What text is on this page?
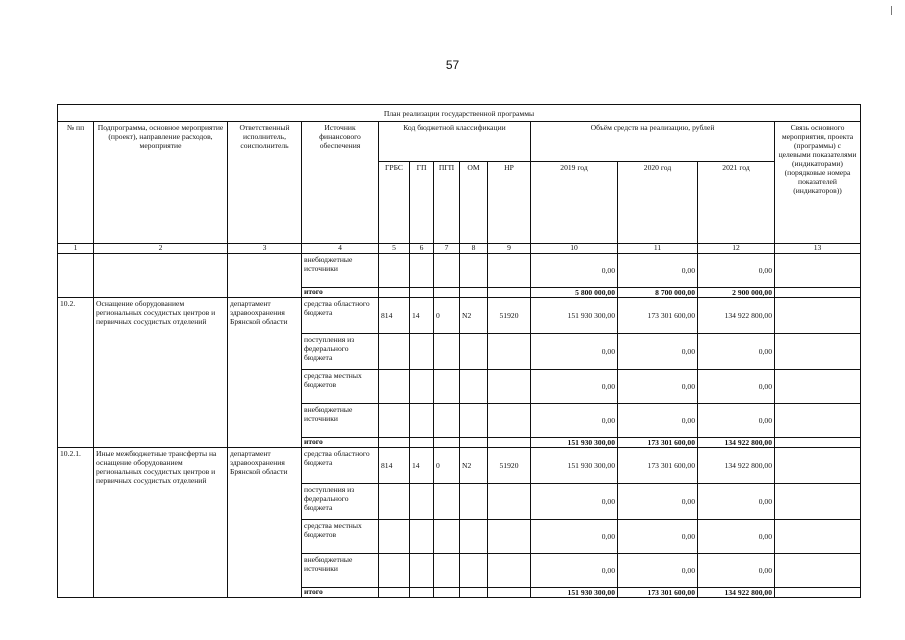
57
План реализации государственной программы												
№ пп	Подпрограмма, основное мероприятие (проект), направление расходов, мероприятие	Ответственный исполнитель, соисполнитель	Источник финансового обеспечения	Код бюджетной классификации					Объём средств на реализацию, рублей			Связь основного мероприятия, проекта (программы) с целевыми показателями (индикаторами) (порядковые номера показателей (индикаторов))
				ГРБС	ГП	ПГП	ОМ	НР	2019 год	2020 год	2021 год	
1	2	3	4	5	6	7	8	9	10	11	12	13
			внебюджетные источники						0,00	0,00	0,00	
			итого						5 800 000,00	8 700 000,00	2 900 000,00	
10.2.	Оснащение оборудованием региональных сосудистых центров и первичных сосудистых отделений	департамент здравоохранения Брянской области	средства областного бюджета	814	14	0	N2	51920	151 930 300,00	173 301 600,00	134 922 800,00	
			поступления из федерального бюджета						0,00	0,00	0,00	
			средства местных бюджетов						0,00	0,00	0,00	
			внебюджетные источники						0,00	0,00	0,00	
			итого						151 930 300,00	173 301 600,00	134 922 800,00	
10.2.1.	Иные межбюджетные трансферты на оснащение оборудованием региональных сосудистых центров и первичных сосудистых отделений	департамент здравоохранения Брянской области	средства областного бюджета	814	14	0	N2	51920	151 930 300,00	173 301 600,00	134 922 800,00	
			поступления из федерального бюджета						0,00	0,00	0,00	
			средства местных бюджетов						0,00	0,00	0,00	
			внебюджетные источники						0,00	0,00	0,00	
			итого						151 930 300,00	173 301 600,00	134 922 800,00	
